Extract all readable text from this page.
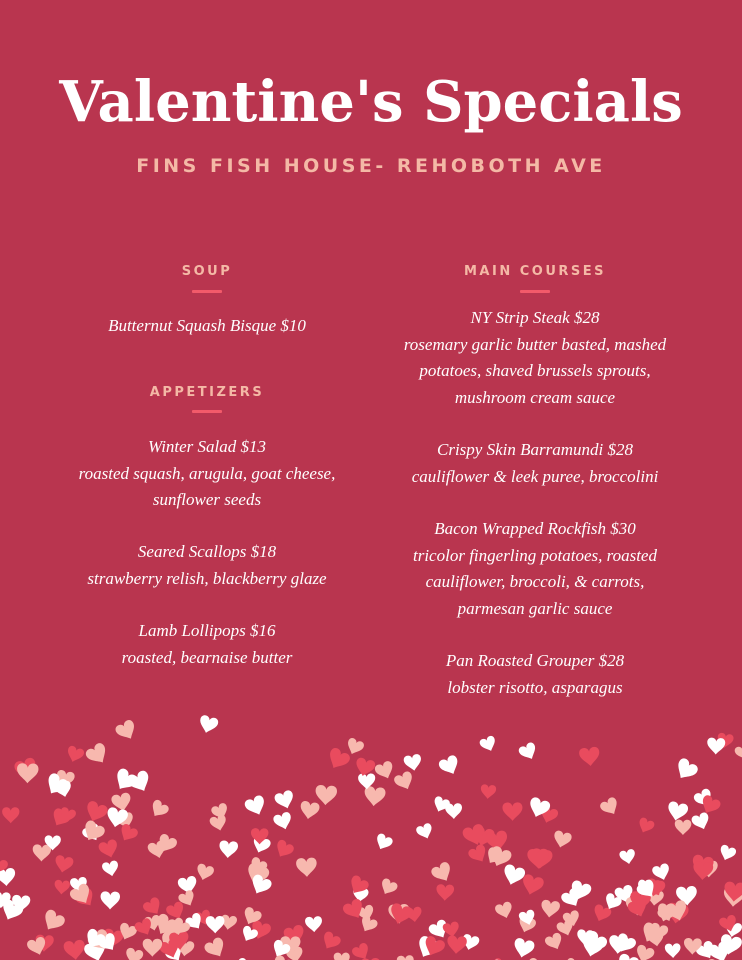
Valentine's Specials
FINS FISH HOUSE- REHOBOTH AVE
SOUP
Butternut Squash Bisque $10
APPETIZERS
Winter Salad $13
roasted squash, arugula, goat cheese,
sunflower seeds
Seared Scallops $18
strawberry relish, blackberry glaze
Lamb Lollipops $16
roasted, bearnaise butter
MAIN COURSES
NY Strip Steak $28
rosemary garlic butter basted, mashed
potatoes, shaved brussels sprouts,
mushroom cream sauce
Crispy Skin Barramundi $28
cauliflower & leek puree, broccolini
Bacon Wrapped Rockfish $30
tricolor fingerling potatoes, roasted
cauliflower, broccoli, & carrots,
parmesan garlic sauce
Pan Roasted Grouper $28
lobster risotto, asparagus
